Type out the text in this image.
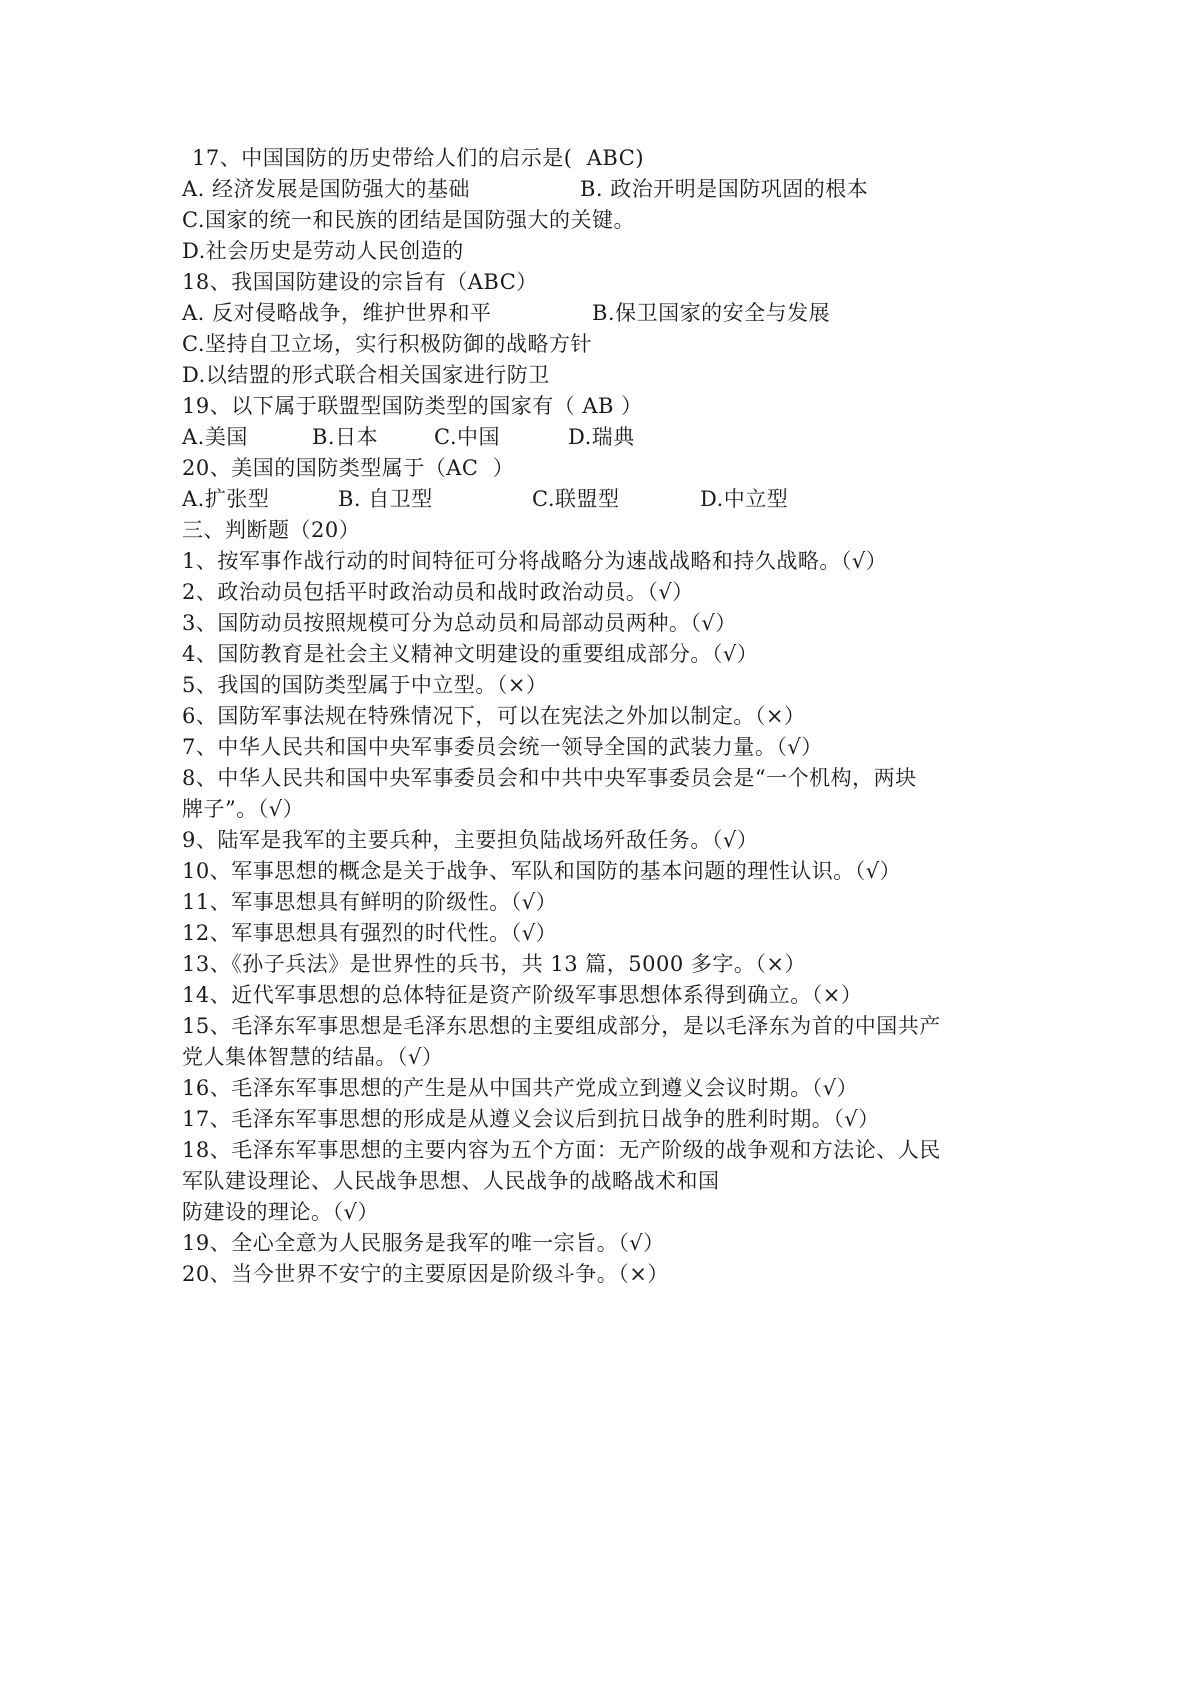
17、中国国防的历史带给人们的启示是(  ABC)
A. 经济发展是国防强大的基础	B. 政治开明是国防巩固的根本
C.国家的统一和民族的团结是国防强大的关键。
D.社会历史是劳动人民创造的
18、我国国防建设的宗旨有（ABC）
A. 反对侵略战争，维护世界和平	B.保卫国家的安全与发展
C.坚持自卫立场，实行积极防御的战略方针
D.以结盟的形式联合相关国家进行防卫
19、以下属于联盟型国防类型的国家有（ AB ）
A.美国	B.日本	C.中国	D.瑞典
20、美国的国防类型属于（AC  ）
A.扩张型	B. 自卫型	C.联盟型	D.中立型
三、判断题（20）
1、按军事作战行动的时间特征可分将战略分为速战战略和持久战略。（√）
2、政治动员包括平时政治动员和战时政治动员。（√）
3、国防动员按照规模可分为总动员和局部动员两种。（√）
4、国防教育是社会主义精神文明建设的重要组成部分。（√）
5、我国的国防类型属于中立型。（×）
6、国防军事法规在特殊情况下，可以在宪法之外加以制定。（×）
7、中华人民共和国中央军事委员会统一领导全国的武装力量。（√）
8、中华人民共和国中央军事委员会和中共中央军事委员会是“一个机构，两块
牌子”。（√）
9、陆军是我军的主要兵种，主要担负陆战场歼敌任务。（√）
10、军事思想的概念是关于战争、军队和国防的基本问题的理性认识。（√）
11、军事思想具有鲜明的阶级性。（√）
12、军事思想具有强烈的时代性。（√）
13、《孙子兵法》是世界性的兵书，共 13 篇，5000 多字。（×）
14、近代军事思想的总体特征是资产阶级军事思想体系得到确立。（×）
15、毛泽东军事思想是毛泽东思想的主要组成部分，是以毛泽东为首的中国共产
党人集体智慧的结晶。（√）
16、毛泽东军事思想的产生是从中国共产党成立到遵义会议时期。（√）
17、毛泽东军事思想的形成是从遵义会议后到抗日战争的胜利时期。（√）
18、毛泽东军事思想的主要内容为五个方面：无产阶级的战争观和方法论、人民
军队建设理论、人民战争思想、人民战争的战略战术和国
防建设的理论。（√）
19、全心全意为人民服务是我军的唯一宗旨。（√）
20、当今世界不安宁的主要原因是阶级斗争。（×）
